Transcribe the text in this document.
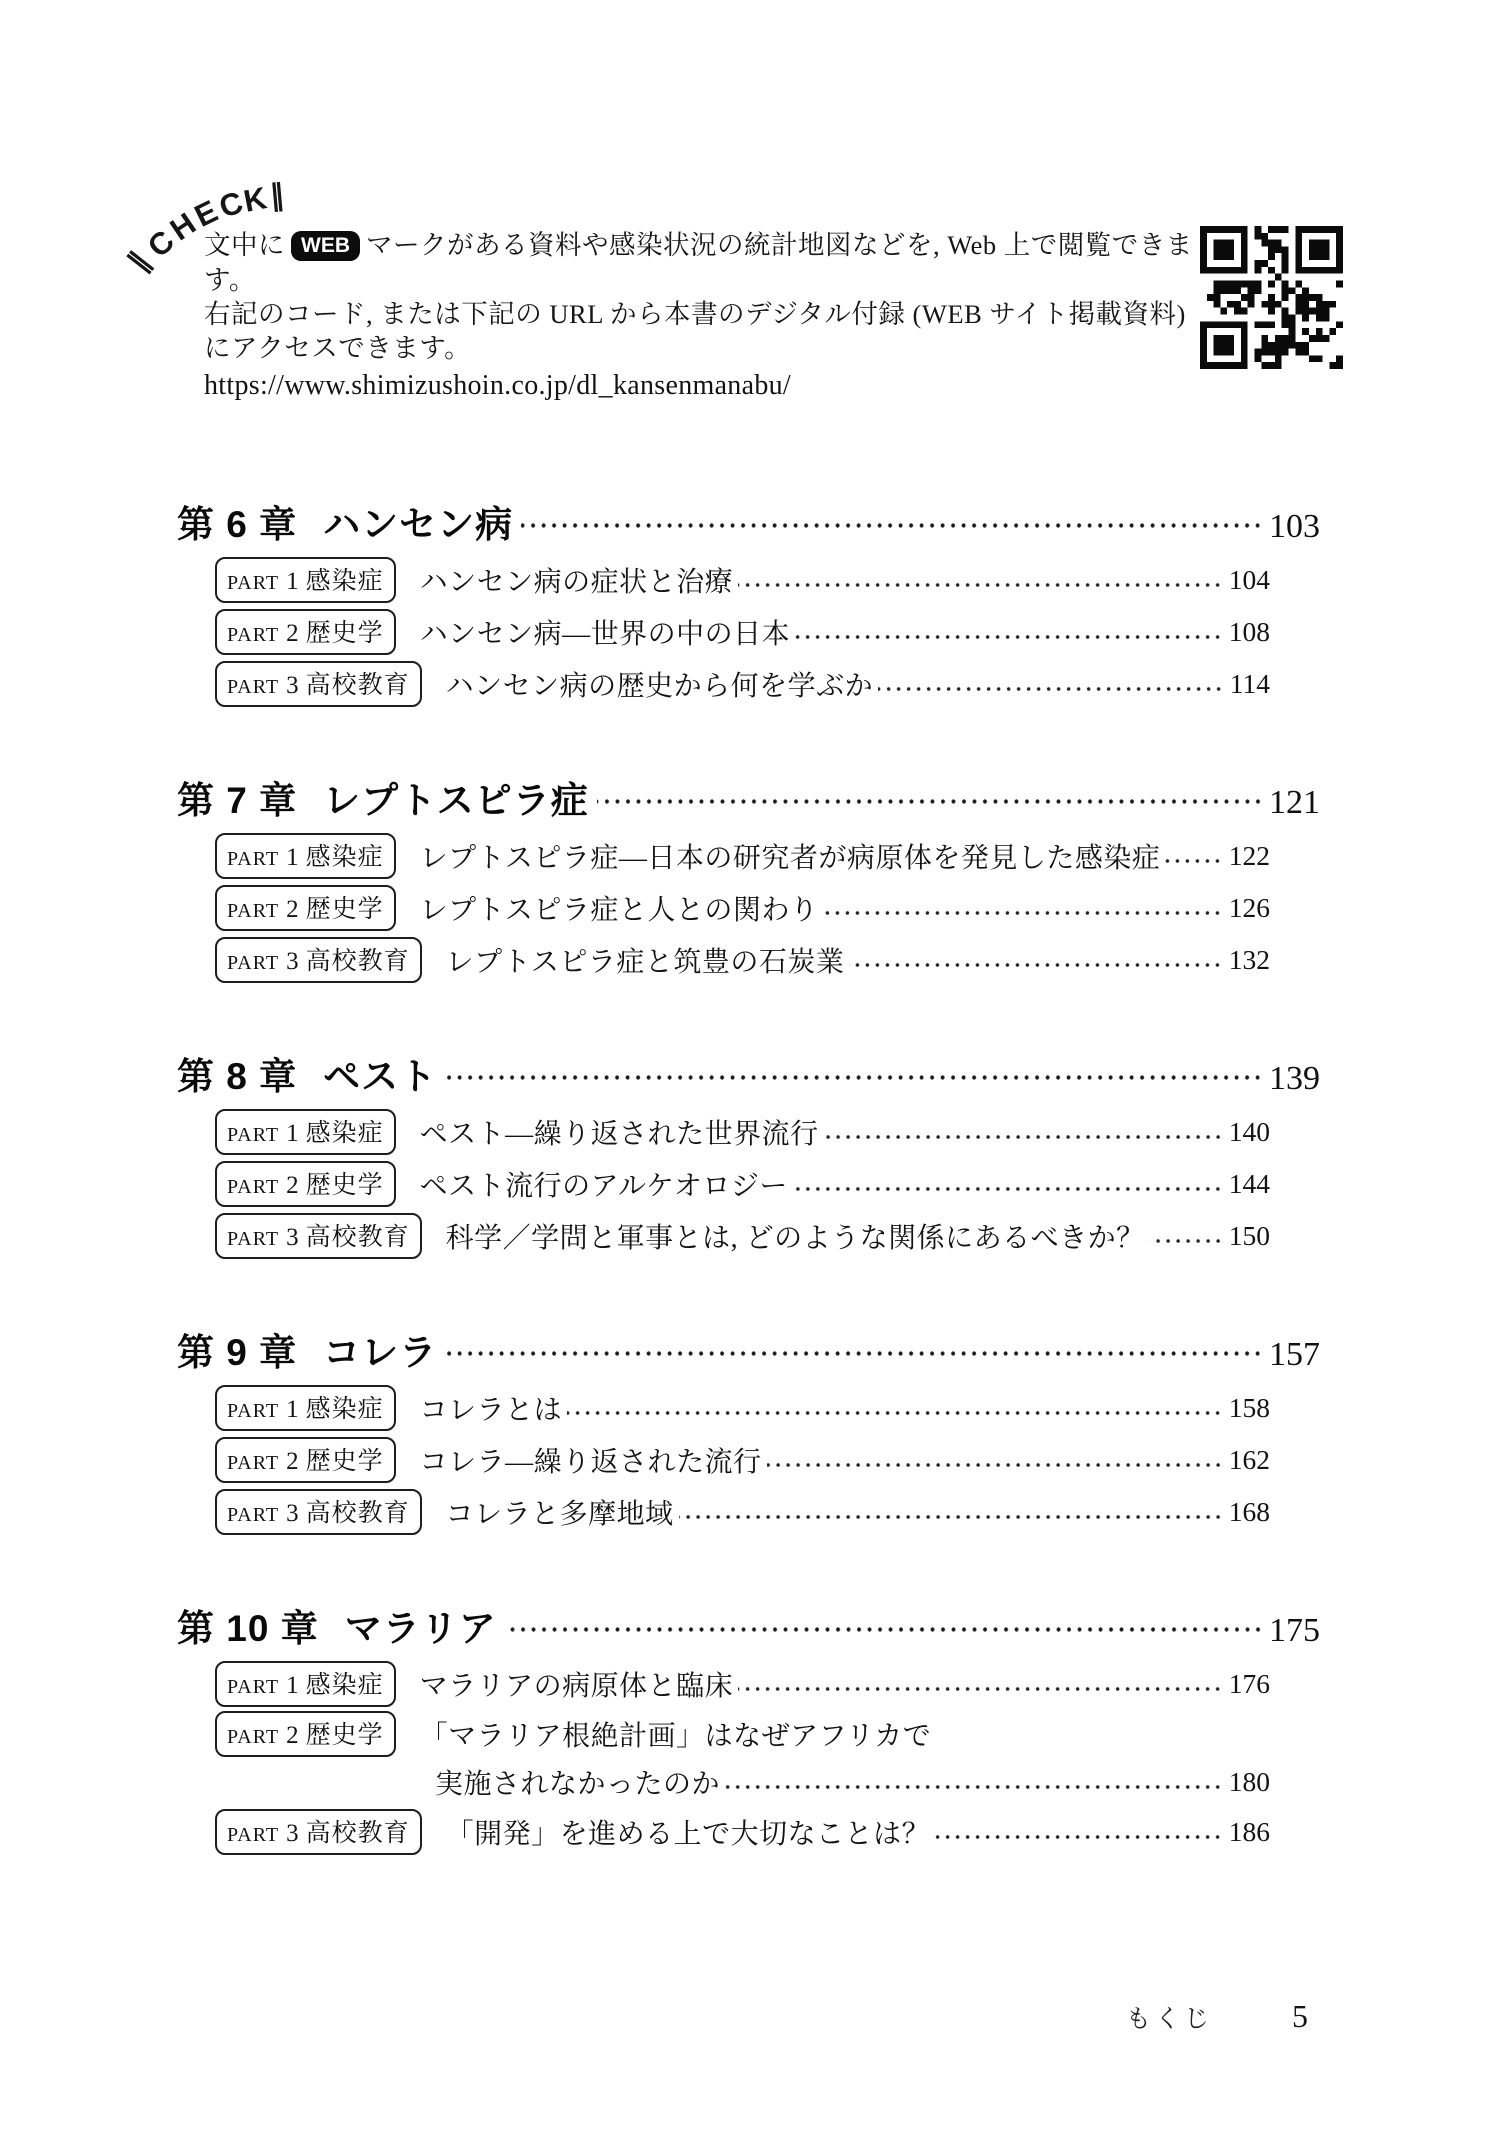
∥
C
H
E
C
K ∥

文中に WEB マークがある資料や感染状況の統計地図などを, Web 上で閲覧できます。

右記のコード, または下記の URL から本書のデジタル付録 (WEB サイト掲載資料)

にアクセスできます。

https://www.shimizushoin.co.jp/dl_kansenmanabu/

第 6 章 ハンセン病	103
PART 1 感染症 ハンセン病の症状と治療	104
PART 2 歴史学 ハンセン病―世界の中の日本	108
PART 3 高校教育 ハンセン病の歴史から何を学ぶか	114
第 7 章 レプトスピラ症	121
PART 1 感染症 レプトスピラ症―日本の研究者が病原体を発見した感染症 122
PART 2 歴史学 レプトスピラ症と人との関わり	126
PART 3 高校教育 レプトスピラ症と筑豊の石炭業	132
第 8 章 ペスト	139
PART 1 感染症 ペスト―繰り返された世界流行	140
PART 2 歴史学 ペスト流行のアルケオロジー	144
PART 3 高校教育 科学／学問と軍事とは, どのような関係にあるべきか？	150
第 9 章 コレラ	157
PART 1 感染症 コレラとは	158
PART 2 歴史学 コレラ―繰り返された流行	162
PART 3 高校教育 コレラと多摩地域	168
第 10 章 マラリア	175
PART 1 感染症 マラリアの病原体と臨床	176
PART 2 歴史学 「マラリア根絶計画」はなぜアフリカで
実施されなかったのか	180
PART 3 高校教育 「開発」を進める上で大切なことは？	186
もくじ 5
